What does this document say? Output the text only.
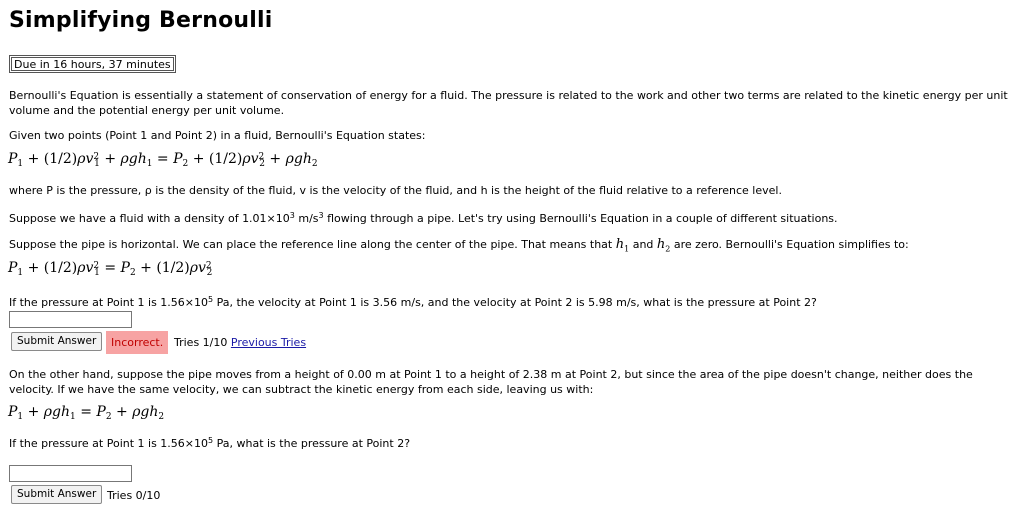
Simplifying Bernoulli
Due in 16 hours, 37 minutes
Bernoulli's Equation is essentially a statement of conservation of energy for a fluid. The pressure is related to the work and other two terms are related to the kinetic energy per unit volume and the potential energy per unit volume.
Given two points (Point 1 and Point 2) in a fluid, Bernoulli's Equation states:
$P_1 + (1/2)\rho v^2_1 + \rho gh_1 = P_2 + (1/2)\rho v^2_2 + \rho gh_2$
where P is the pressure, ρ is the density of the fluid, v is the velocity of the fluid, and h is the height of the fluid relative to a reference level.
Suppose we have a fluid with a density of $1.01\times 10^3$ $m/s^3$ flowing through a pipe. Let's try using Bernoulli's Equation in a couple of different situations.
Suppose the pipe is horizontal. We can place the reference line along the center of the pipe. That means that $h_1$ and $h_2$ are zero. Bernoulli's Equation simplifies to:
$P_1 + (1/2)\rho v^2_1 = P_2 + (1/2)\rho v^2_2$
If the pressure at Point 1 is $1.56\times 10^5$ Pa, the velocity at Point 1 is 3.56 m/s, and the velocity at Point 2 is 5.98 m/s, what is the pressure at Point 2?
Submit Answer	Incorrect. Tries 1/10 Previous Tries
On the other hand, suppose the pipe moves from a height of 0.00 m at Point 1 to a height of 2.38 m at Point 2, but since the area of the pipe doesn't change, neither does the velocity. If we have the same velocity, we can subtract the kinetic energy from each side, leaving us with:
$P_1 + \rho gh_1 = P_2 + \rho gh_2$
If the pressure at Point 1 is $1.56\times 10^5$ Pa, what is the pressure at Point 2?
Submit Answer Tries 0/10
